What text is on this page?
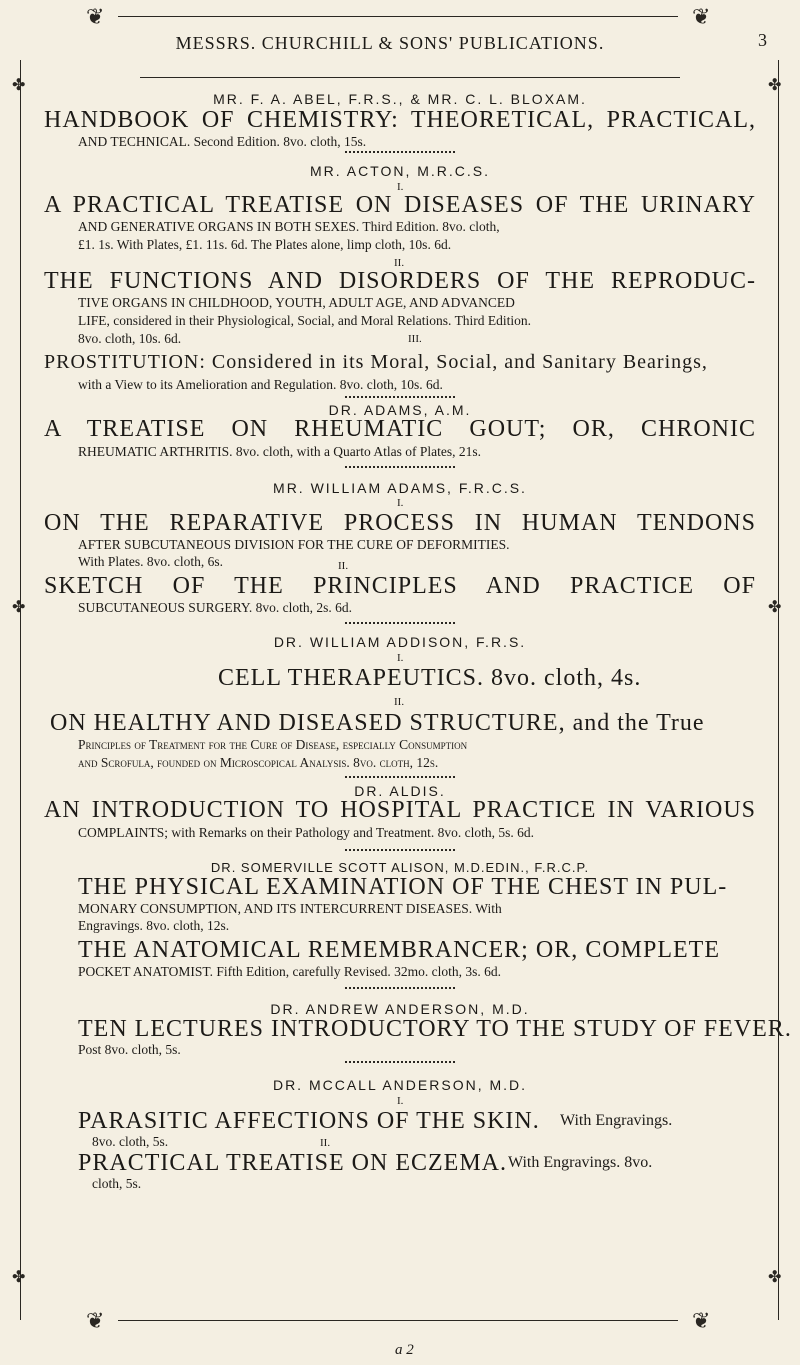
❦	❦
❦	❦
✤	✤
✤	✤
✤	✤
MESSRS. CHURCHILL & SONS' PUBLICATIONS.	3
MR. F. A. ABEL, F.R.S., & MR. C. L. BLOXAM.
HANDBOOK OF CHEMISTRY: THEORETICAL, PRACTICAL,
AND TECHNICAL. Second Edition. 8vo. cloth, 15s.
MR. ACTON, M.R.C.S.
I.
A PRACTICAL TREATISE ON DISEASES OF THE URINARY
AND GENERATIVE ORGANS IN BOTH SEXES. Third Edition. 8vo. cloth,
£1. 1s. With Plates, £1. 11s. 6d. The Plates alone, limp cloth, 10s. 6d.
II.
THE FUNCTIONS AND DISORDERS OF THE REPRODUC-
TIVE ORGANS IN CHILDHOOD, YOUTH, ADULT AGE, AND ADVANCED
LIFE, considered in their Physiological, Social, and Moral Relations. Third Edition.
8vo. cloth, 10s. 6d.	III.
PROSTITUTION: Considered in its Moral, Social, and Sanitary Bearings,
with a View to its Amelioration and Regulation. 8vo. cloth, 10s. 6d.
DR. ADAMS, A.M.
A TREATISE ON RHEUMATIC GOUT; OR, CHRONIC
RHEUMATIC ARTHRITIS. 8vo. cloth, with a Quarto Atlas of Plates, 21s.
MR. WILLIAM ADAMS, F.R.C.S.
I.
ON THE REPARATIVE PROCESS IN HUMAN TENDONS
AFTER SUBCUTANEOUS DIVISION FOR THE CURE OF DEFORMITIES.
With Plates. 8vo. cloth, 6s.	II.
SKETCH OF THE PRINCIPLES AND PRACTICE OF
SUBCUTANEOUS SURGERY. 8vo. cloth, 2s. 6d.
DR. WILLIAM ADDISON, F.R.S.
I.
CELL THERAPEUTICS. 8vo. cloth, 4s.
II.
ON HEALTHY AND DISEASED STRUCTURE, and the True
Principles of Treatment for the Cure of Disease, especially Consumption
and Scrofula, founded on Microscopical Analysis. 8vo. cloth, 12s.
DR. ALDIS.
AN INTRODUCTION TO HOSPITAL PRACTICE IN VARIOUS
COMPLAINTS; with Remarks on their Pathology and Treatment. 8vo. cloth, 5s. 6d.
DR. SOMERVILLE SCOTT ALISON, M.D.EDIN., F.R.C.P.
THE PHYSICAL EXAMINATION OF THE CHEST IN PUL-
MONARY CONSUMPTION, AND ITS INTERCURRENT DISEASES. With
Engravings. 8vo. cloth, 12s.
THE ANATOMICAL REMEMBRANCER; OR, COMPLETE
POCKET ANATOMIST. Fifth Edition, carefully Revised. 32mo. cloth, 3s. 6d.
DR. ANDREW ANDERSON, M.D.
TEN LECTURES INTRODUCTORY TO THE STUDY OF FEVER.
Post 8vo. cloth, 5s.
DR. MCCALL ANDERSON, M.D.
I.
PARASITIC AFFECTIONS OF THE SKIN.	With Engravings.
8vo. cloth, 5s.	II.
PRACTICAL TREATISE ON ECZEMA. With Engravings. 8vo.
cloth, 5s.
a 2
